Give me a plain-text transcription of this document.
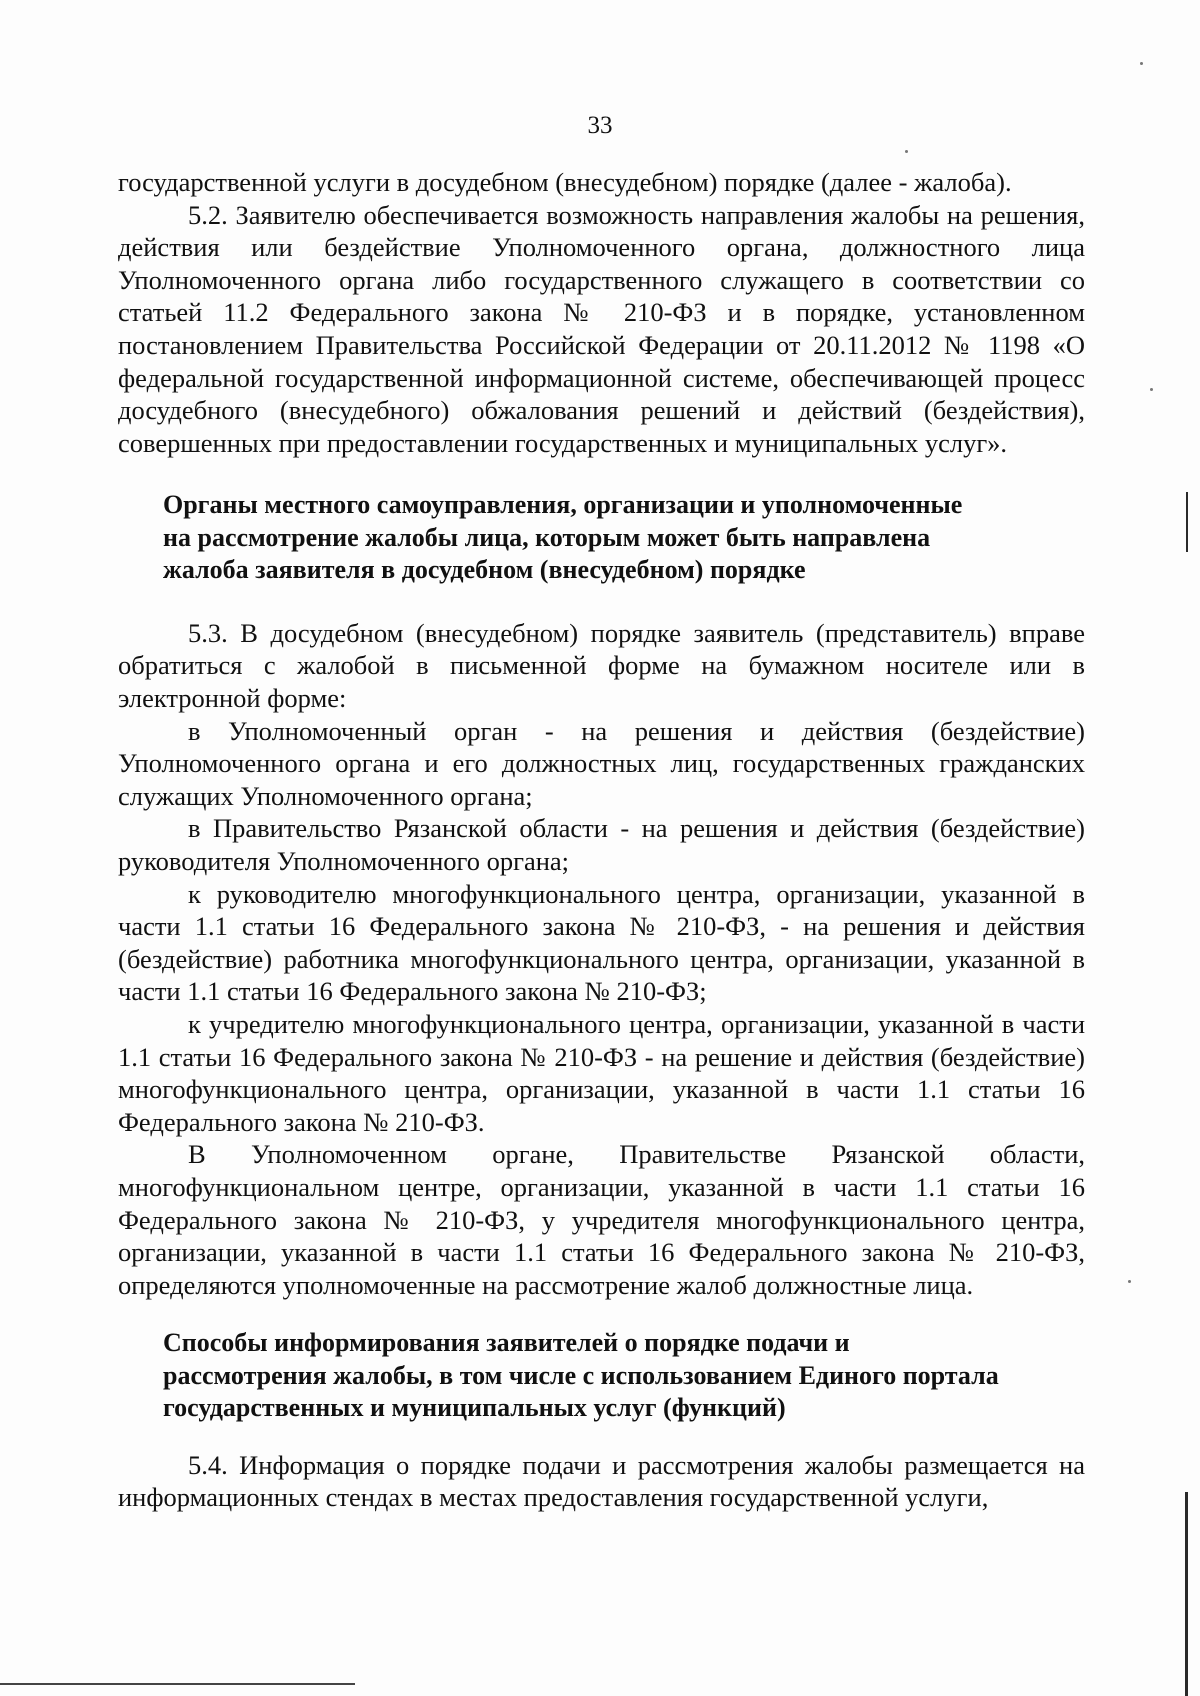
33

государственной услуги в досудебном (внесудебном) порядке (далее - жалоба).

5.2. Заявителю обеспечивается возможность направления жалобы на решения, действия или бездействие Уполномоченного органа, должностного лица Уполномоченного органа либо государственного служащего в соответствии со статьей 11.2 Федерального закона № 210-ФЗ и в порядке, установленном постановлением Правительства Российской Федерации от 20.11.2012 № 1198 «О федеральной государственной информационной системе, обеспечивающей процесс досудебного (внесудебного) обжалования решений и действий (бездействия), совершенных при предоставлении государственных и муниципальных услуг».

Органы местного самоуправления, организации и уполномоченные
на рассмотрение жалобы лица, которым может быть направлена
жалоба заявителя в досудебном (внесудебном) порядке

5.3. В досудебном (внесудебном) порядке заявитель (представитель) вправе обратиться с жалобой в письменной форме на бумажном носителе или в электронной форме:

в Уполномоченный орган - на решения и действия (бездействие) Уполномоченного органа и его должностных лиц, государственных гражданских служащих Уполномоченного органа;

в Правительство Рязанской области - на решения и действия (бездействие) руководителя Уполномоченного органа;

к руководителю многофункционального центра, организации, указанной в части 1.1 статьи 16 Федерального закона № 210-ФЗ, - на решения и действия (бездействие) работника многофункционального центра, организации, указанной в части 1.1 статьи 16 Федерального закона № 210-ФЗ;

к учредителю многофункционального центра, организации, указанной в части 1.1 статьи 16 Федерального закона № 210-ФЗ - на решение и действия (бездействие) многофункционального центра, организации, указанной в части 1.1 статьи 16 Федерального закона № 210-ФЗ.

В Уполномоченном органе, Правительстве Рязанской области, многофункциональном центре, организации, указанной в части 1.1 статьи 16 Федерального закона № 210-ФЗ, у учредителя многофункционального центра, организации, указанной в части 1.1 статьи 16 Федерального закона № 210-ФЗ, определяются уполномоченные на рассмотрение жалоб должностные лица.

Способы информирования заявителей о порядке подачи и
рассмотрения жалобы, в том числе с использованием Единого портала
государственных и муниципальных услуг (функций)

5.4. Информация о порядке подачи и рассмотрения жалобы размещается на информационных стендах в местах предоставления государственной услуги,
